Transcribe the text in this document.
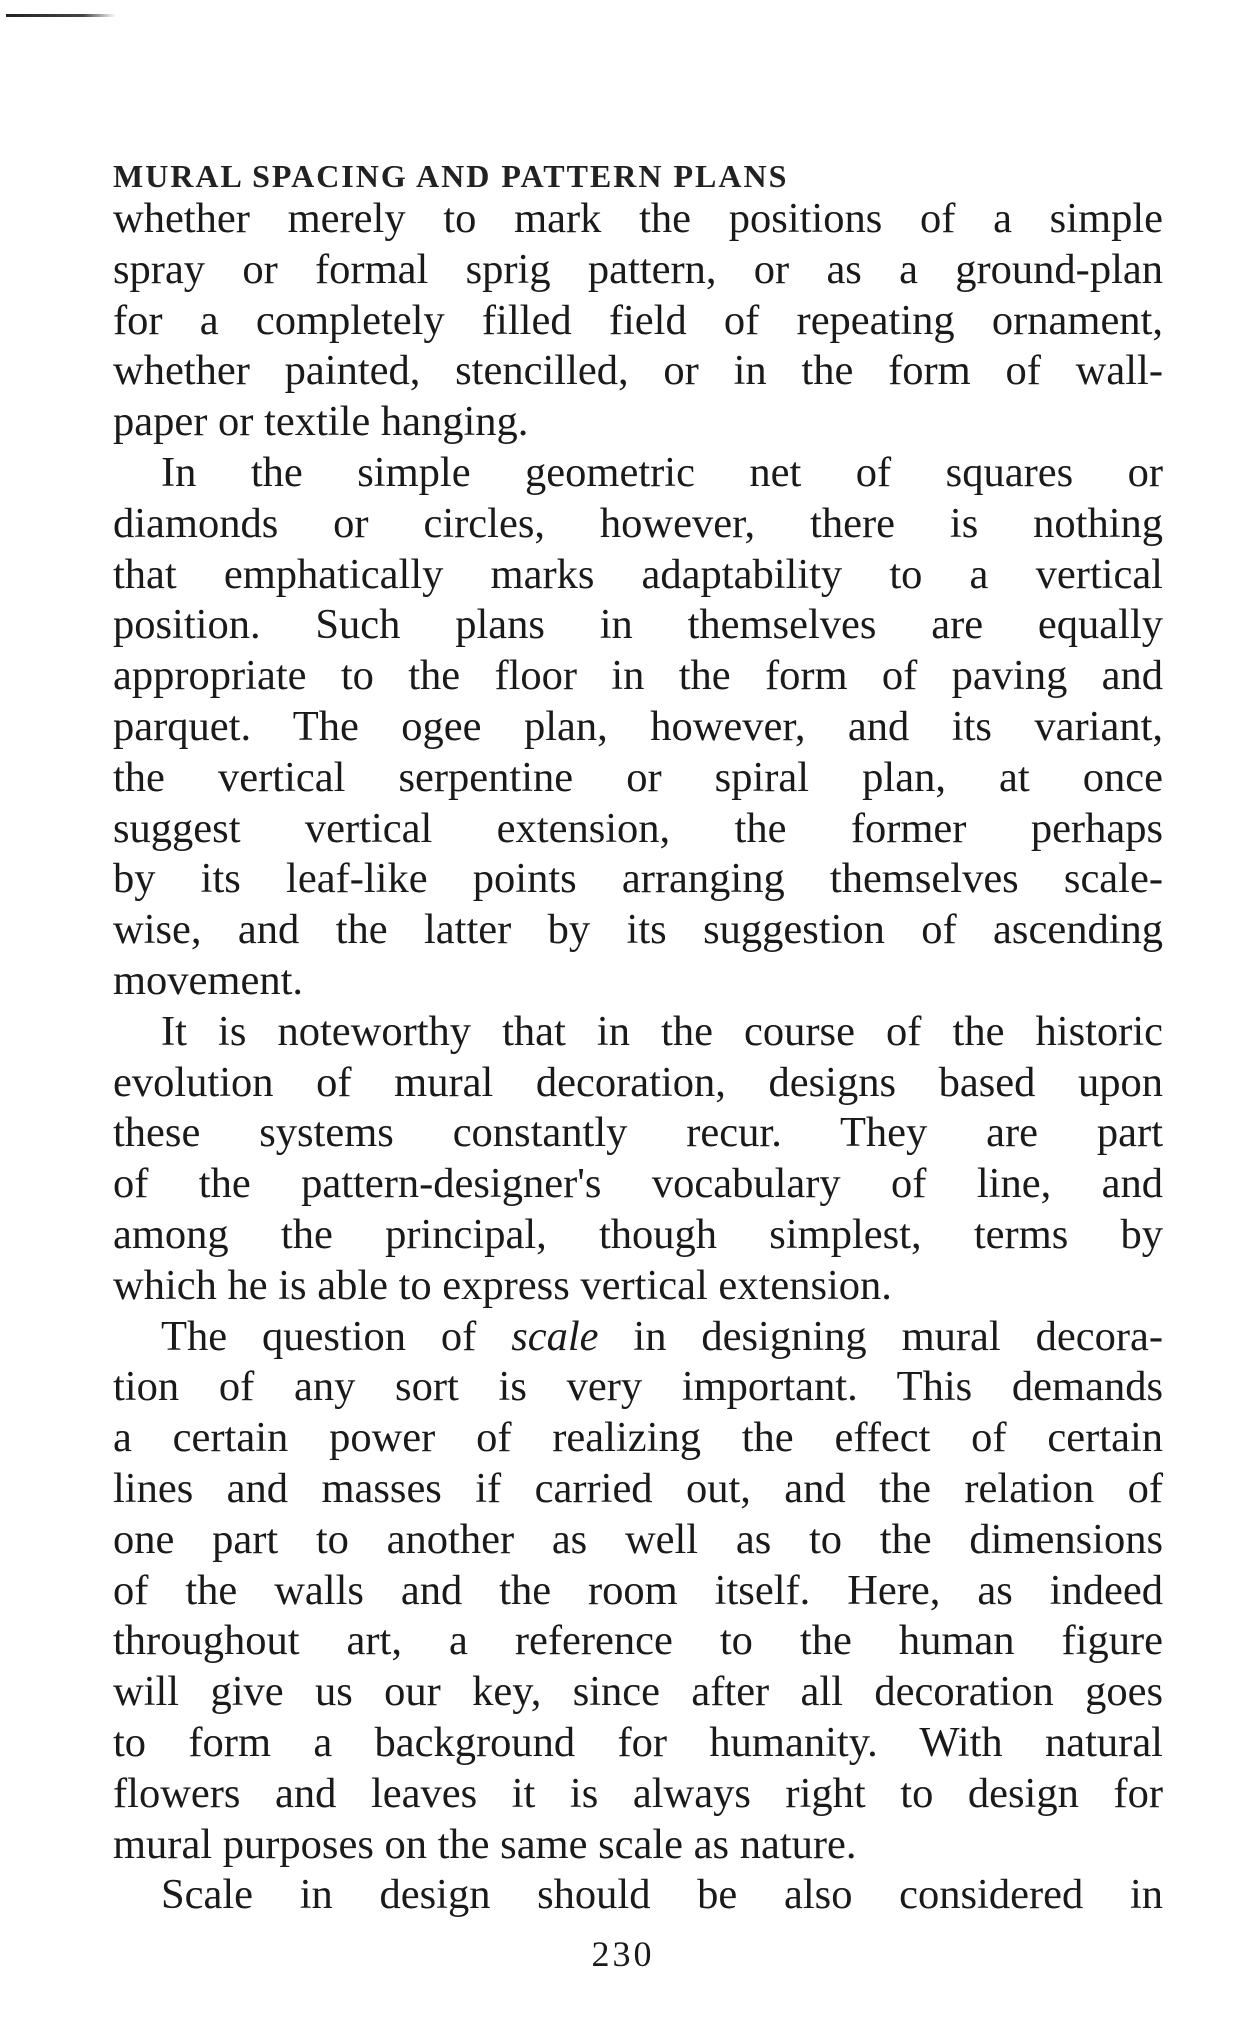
MURAL SPACING AND PATTERN PLANS

whether merely to mark the positions of a simple
spray or formal sprig pattern, or as a ground-plan
for a completely filled field of repeating ornament,
whether painted, stencilled, or in the form of wall-
paper or textile hanging.

In the simple geometric net of squares or
diamonds or circles, however, there is nothing
that emphatically marks adaptability to a vertical
position. Such plans in themselves are equally
appropriate to the floor in the form of paving and
parquet. The ogee plan, however, and its variant,
the vertical serpentine or spiral plan, at once
suggest vertical extension, the former perhaps
by its leaf-like points arranging themselves scale-
wise, and the latter by its suggestion of ascending
movement.

It is noteworthy that in the course of the historic
evolution of mural decoration, designs based upon
these systems constantly recur. They are part
of the pattern-designer's vocabulary of line, and
among the principal, though simplest, terms by
which he is able to express vertical extension.

The question of scale in designing mural decora-
tion of any sort is very important. This demands
a certain power of realizing the effect of certain
lines and masses if carried out, and the relation of
one part to another as well as to the dimensions
of the walls and the room itself. Here, as indeed
throughout art, a reference to the human figure
will give us our key, since after all decoration goes
to form a background for humanity. With natural
flowers and leaves it is always right to design for
mural purposes on the same scale as nature.

Scale in design should be also considered in

230
